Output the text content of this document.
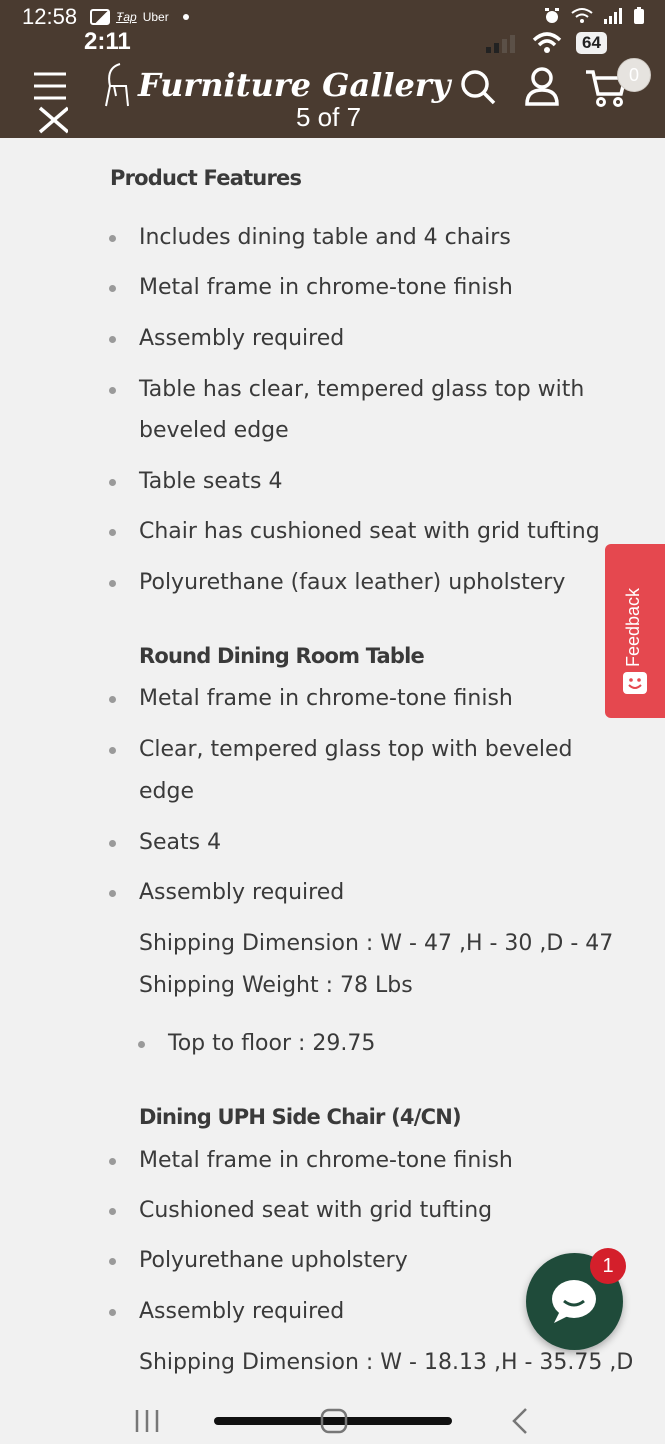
12:58	Ŧap Uber
2:11	64
Furniture Gallery
5 of 7
0
Product Features
Includes dining table and 4 chairs
Metal frame in chrome-tone finish
Assembly required
Table has clear, tempered glass top with
beveled edge
Table seats 4
Chair has cushioned seat with grid tufting
Polyurethane (faux leather) upholstery
Round Dining Room Table
Metal frame in chrome-tone finish
Clear, tempered glass top with beveled
edge
Seats 4
Assembly required
Shipping Dimension : W - 47 ,H - 30 ,D - 47
Shipping Weight : 78 Lbs
Top to floor : 29.75
Dining UPH Side Chair (4/CN)
Metal frame in chrome-tone finish
Cushioned seat with grid tufting
Polyurethane upholstery
Assembly required
Shipping Dimension : W - 18.13 ,H - 35.75 ,D
Feedback
1
